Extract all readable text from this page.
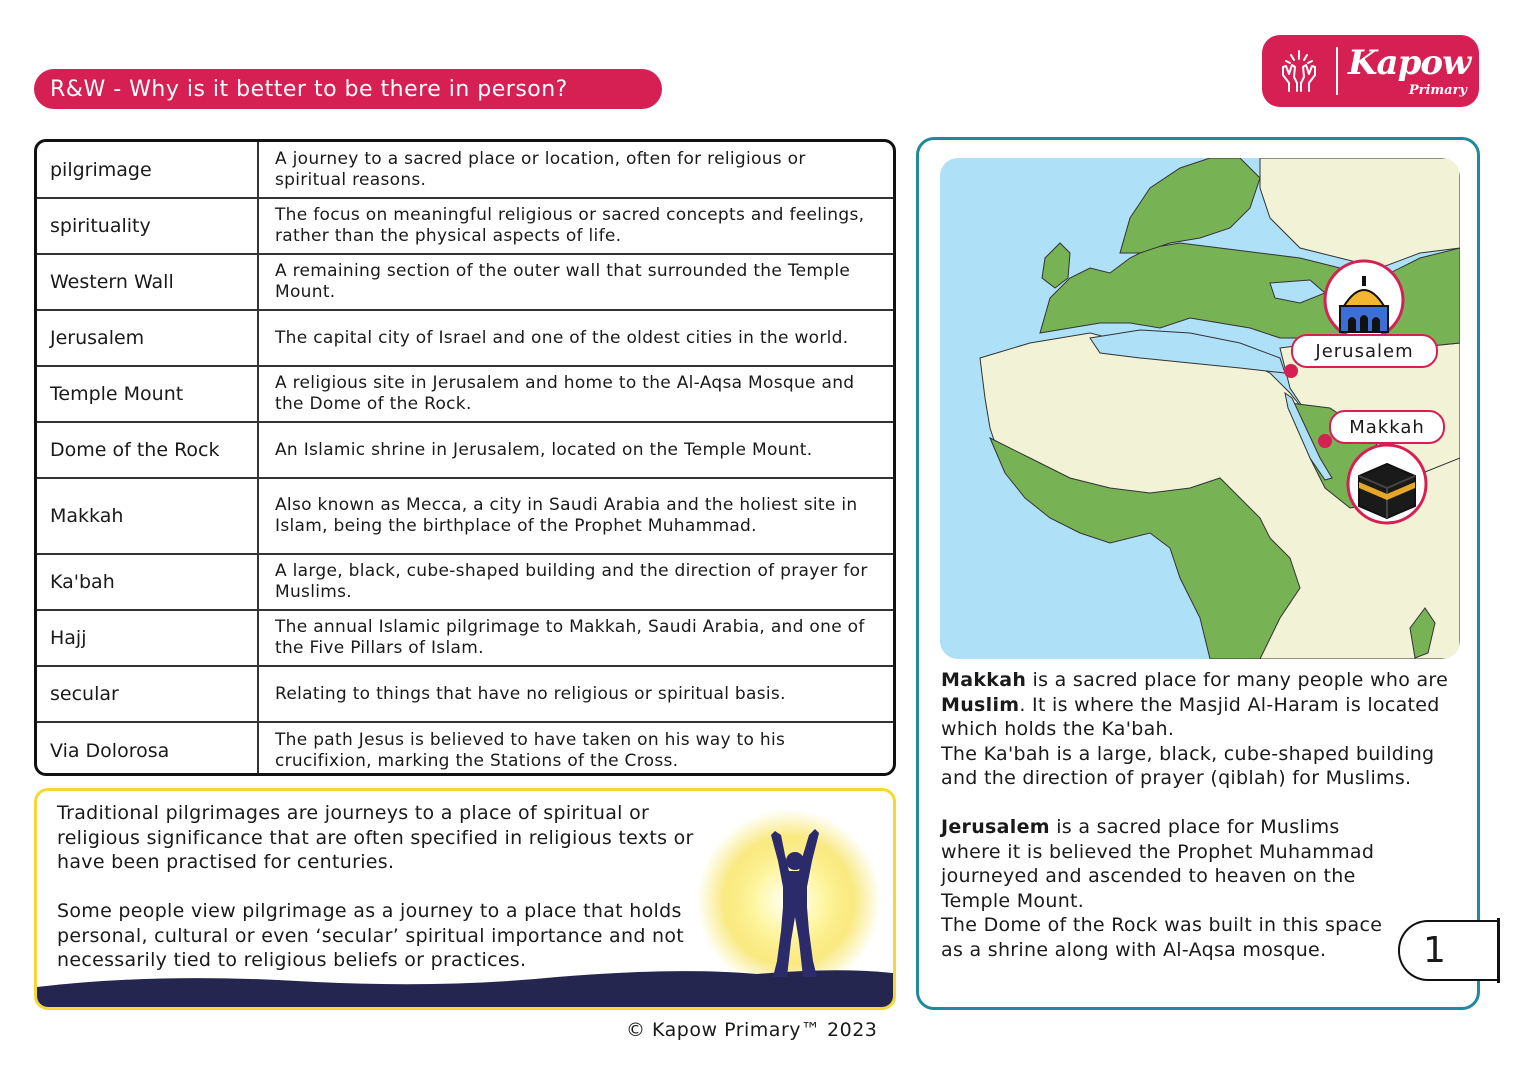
R&W - Why is it better to be there in person?
Kapow
Primary
pilgrimage	A journey to a sacred place or location, often for religious or spiritual reasons.
spirituality	The focus on meaningful religious or sacred concepts and feelings, rather than the physical aspects of life.
Western Wall	A remaining section of the outer wall that surrounded the Temple Mount.
Jerusalem	The capital city of Israel and one of the oldest cities in the world.
Temple Mount	A religious site in Jerusalem and home to the Al-Aqsa Mosque and the Dome of the Rock.
Dome of the Rock	An Islamic shrine in Jerusalem, located on the Temple Mount.
Makkah	Also known as Mecca, a city in Saudi Arabia and the holiest site in Islam, being the birthplace of the Prophet Muhammad.
Ka'bah	A large, black, cube-shaped building and the direction of prayer for Muslims.
Hajj	The annual Islamic pilgrimage to Makkah, Saudi Arabia, and one of the Five Pillars of Islam.
secular	Relating to things that have no religious or spiritual basis.
Via Dolorosa	The path Jesus is believed to have taken on his way to his crucifixion, marking the Stations of the Cross.

Traditional pilgrimages are journeys to a place of spiritual or religious significance that are often specified in religious texts or have been practised for centuries.

Some people view pilgrimage as a journey to a place that holds personal, cultural or even ‘secular’ spiritual importance and not necessarily tied to religious beliefs or practices.

Jerusalem
Makkah

Makkah is a sacred place for many people who are Muslim. It is where the Masjid Al-Haram is located which holds the Ka'bah.
The Ka'bah is a large, black, cube-shaped building and the direction of prayer (qiblah) for Muslims.

Jerusalem is a sacred place for Muslims where it is believed the Prophet Muhammad journeyed and ascended to heaven on the Temple Mount.
The Dome of the Rock was built in this space as a shrine along with Al-Aqsa mosque.	1
© Kapow Primary™ 2023
